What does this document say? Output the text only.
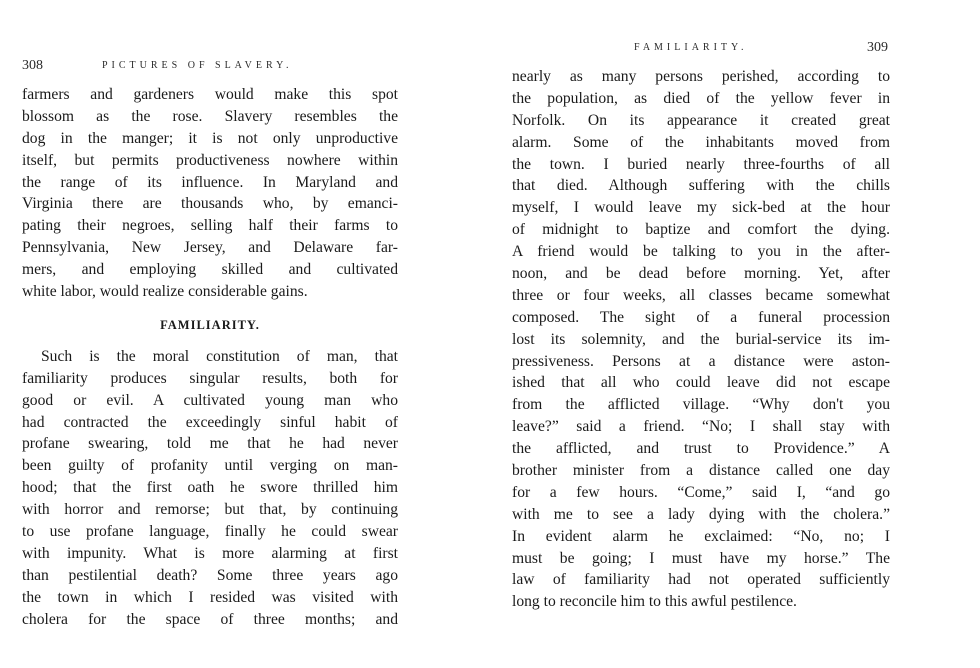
308	PICTURES OF SLAVERY.
farmers and gardeners would make this spot
blossom as the rose. Slavery resembles the
dog in the manger; it is not only unproductive
itself, but permits productiveness nowhere within
the range of its influence. In Maryland and
Virginia there are thousands who, by emanci-
pating their negroes, selling half their farms to
Pennsylvania, New Jersey, and Delaware far-
mers, and employing skilled and cultivated
white labor, would realize considerable gains.
FAMILIARITY.
Such is the moral constitution of man, that
familiarity produces singular results, both for
good or evil. A cultivated young man who
had contracted the exceedingly sinful habit of
profane swearing, told me that he had never
been guilty of profanity until verging on man-
hood; that the first oath he swore thrilled him
with horror and remorse; but that, by continuing
to use profane language, finally he could swear
with impunity. What is more alarming at first
than pestilential death? Some three years ago
the town in which I resided was visited with
cholera for the space of three months; and
FAMILIARITY.	309
nearly as many persons perished, according to
the population, as died of the yellow fever in
Norfolk. On its appearance it created great
alarm. Some of the inhabitants moved from
the town. I buried nearly three-fourths of all
that died. Although suffering with the chills
myself, I would leave my sick-bed at the hour
of midnight to baptize and comfort the dying.
A friend would be talking to you in the after-
noon, and be dead before morning. Yet, after
three or four weeks, all classes became somewhat
composed. The sight of a funeral procession
lost its solemnity, and the burial-service its im-
pressiveness. Persons at a distance were aston-
ished that all who could leave did not escape
from the afflicted village. “Why don't you
leave?” said a friend. “No; I shall stay with
the afflicted, and trust to Providence.” A
brother minister from a distance called one day
for a few hours. “Come,” said I, “and go
with me to see a lady dying with the cholera.”
In evident alarm he exclaimed: “No, no; I
must be going; I must have my horse.” The
law of familiarity had not operated sufficiently
long to reconcile him to this awful pestilence.
